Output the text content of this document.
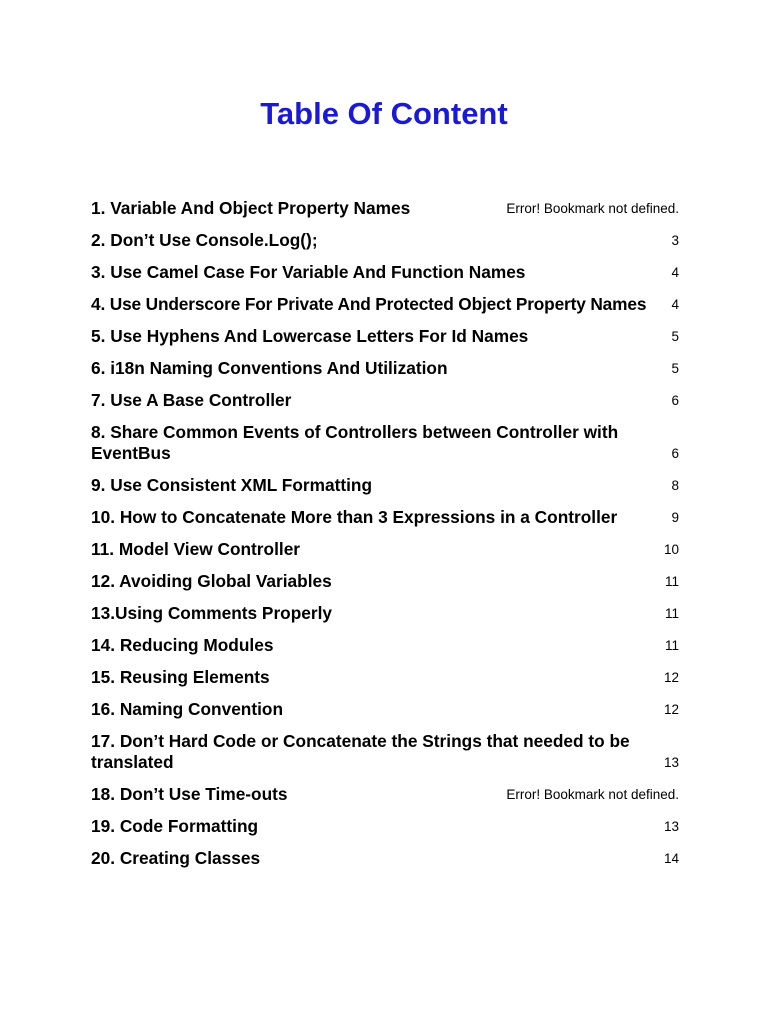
Table Of Content
1. Variable And Object Property Names	Error! Bookmark not defined.
2. Don’t Use Console.Log();	3
3. Use Camel Case For Variable And Function Names	4
4. Use Underscore For Private And Protected Object Property Names 4
5. Use Hyphens And Lowercase Letters For Id Names	5
6. i18n Naming Conventions And Utilization	5
7. Use A Base Controller	6
8. Share Common Events of Controllers between Controller with EventBus	6
9. Use Consistent XML Formatting	8
10. How to Concatenate More than 3 Expressions in a Controller	9
11. Model View Controller	10
12. Avoiding Global Variables	11
13.Using Comments Properly	11
14. Reducing Modules	11
15. Reusing Elements	12
16. Naming Convention	12
17. Don’t Hard Code or Concatenate the Strings that needed to be translated	13
18. Don’t Use Time-outs	Error! Bookmark not defined.
19. Code Formatting	13
20. Creating Classes	14
